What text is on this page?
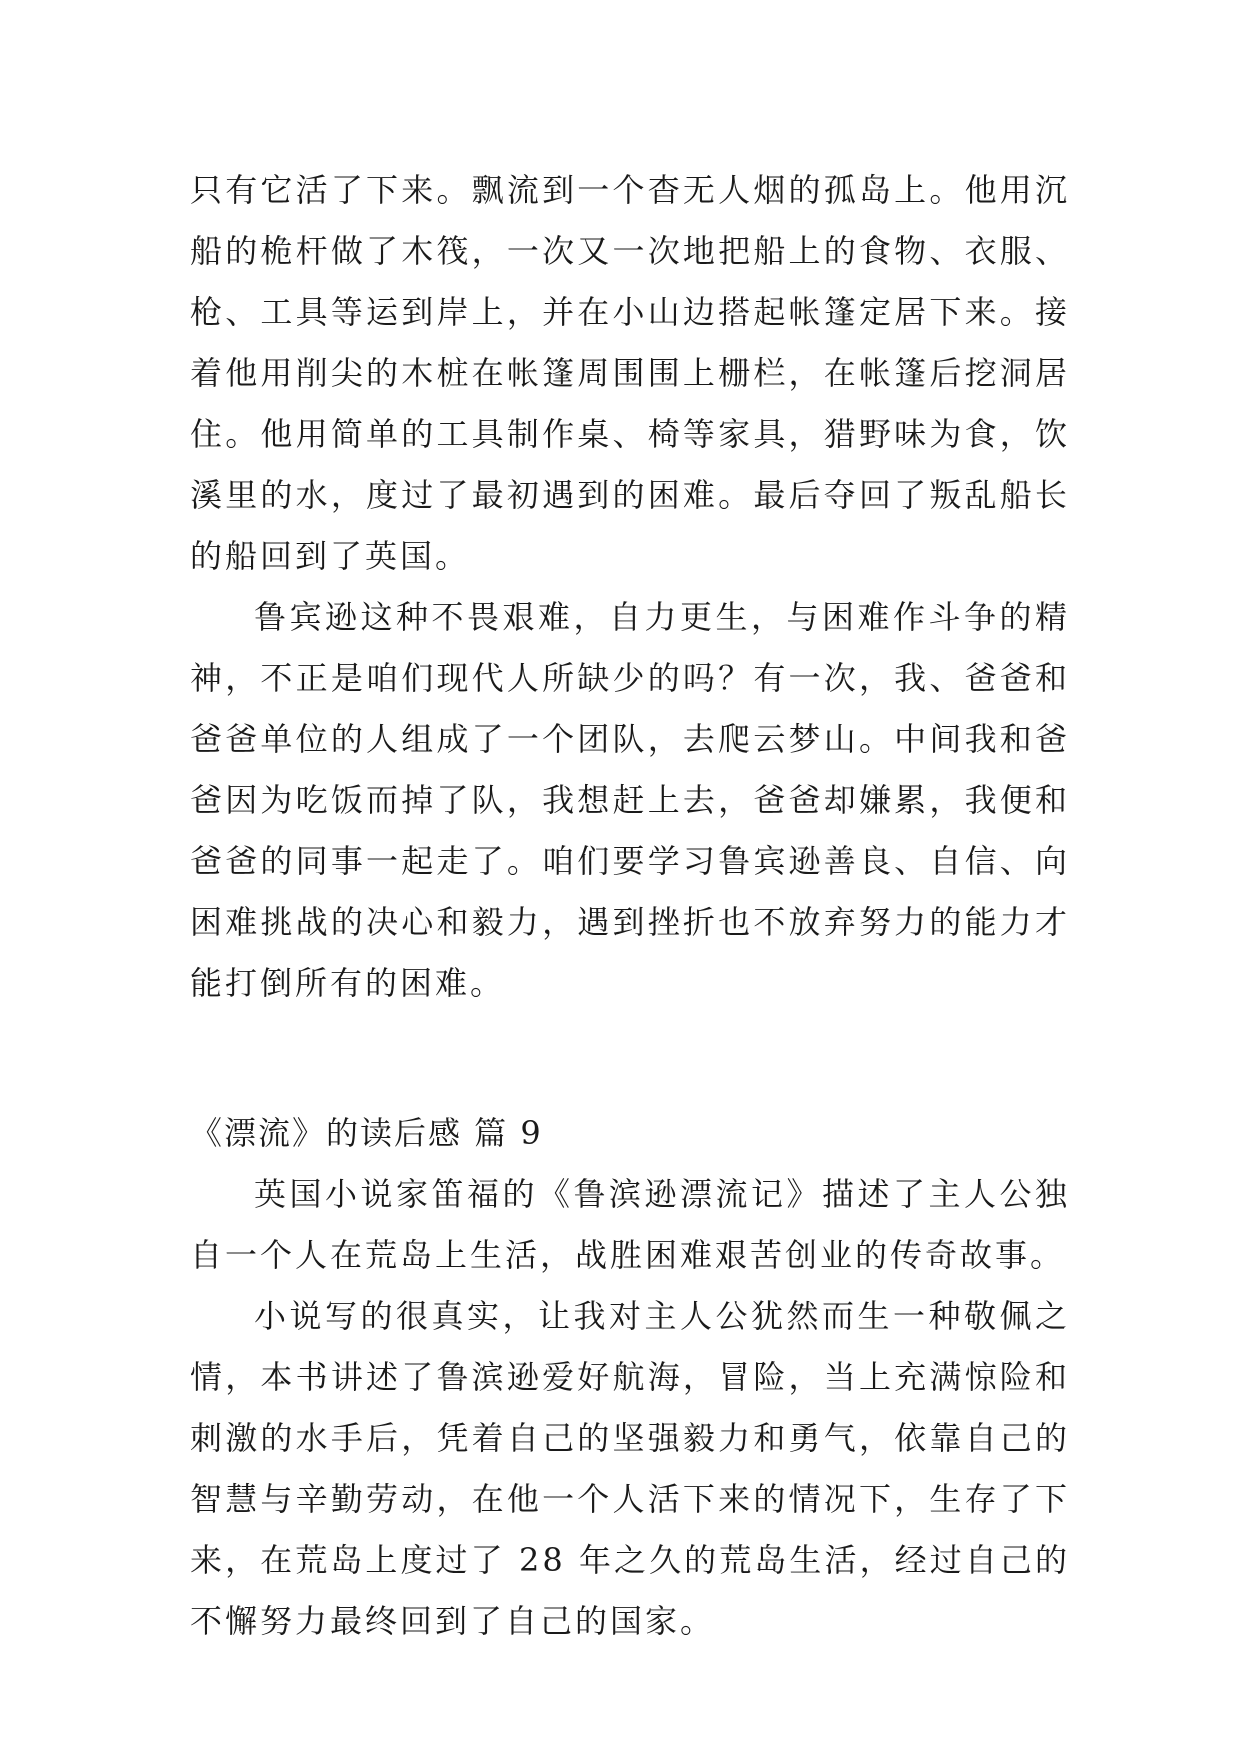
只有它活了下来。飘流到一个杳无人烟的孤岛上。他用沉船的桅杆做了木筏，一次又一次地把船上的食物、衣服、枪、工具等运到岸上，并在小山边搭起帐篷定居下来。接着他用削尖的木桩在帐篷周围围上栅栏，在帐篷后挖洞居住。他用简单的工具制作桌、椅等家具，猎野味为食，饮溪里的水，度过了最初遇到的困难。最后夺回了叛乱船长的船回到了英国。

鲁宾逊这种不畏艰难，自力更生，与困难作斗争的精神，不正是咱们现代人所缺少的吗？有一次，我、爸爸和爸爸单位的人组成了一个团队，去爬云梦山。中间我和爸爸因为吃饭而掉了队，我想赶上去，爸爸却嫌累，我便和爸爸的同事一起走了。咱们要学习鲁宾逊善良、自信、向困难挑战的决心和毅力，遇到挫折也不放弃努力的能力才能打倒所有的困难。

《漂流》的读后感 篇 9

英国小说家笛福的《鲁滨逊漂流记》描述了主人公独自一个人在荒岛上生活，战胜困难艰苦创业的传奇故事。

小说写的很真实，让我对主人公犹然而生一种敬佩之情，本书讲述了鲁滨逊爱好航海，冒险，当上充满惊险和刺激的水手后，凭着自己的坚强毅力和勇气，依靠自己的智慧与辛勤劳动，在他一个人活下来的情况下，生存了下来，在荒岛上度过了 28 年之久的荒岛生活，经过自己的不懈努力最终回到了自己的国家。
